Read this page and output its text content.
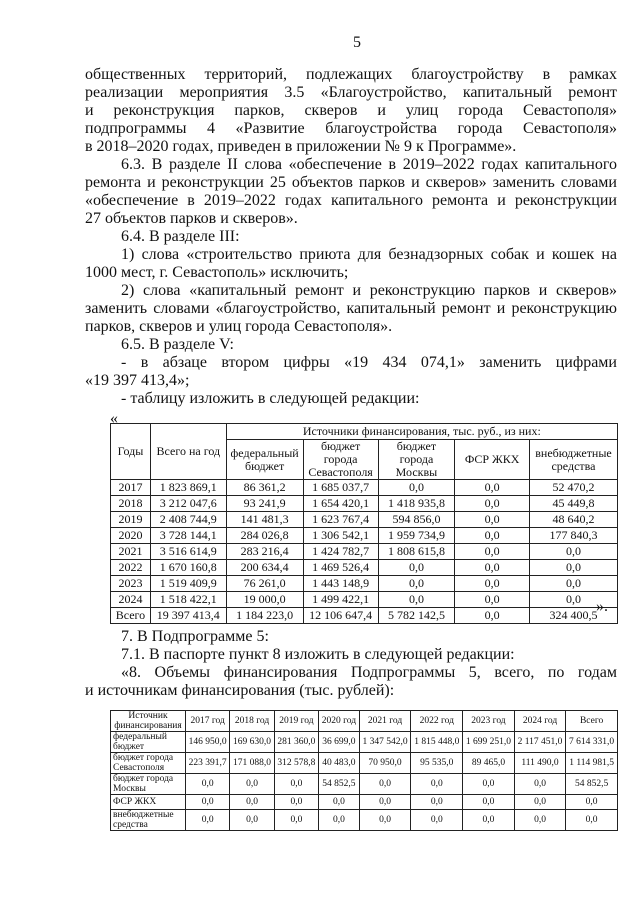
5
общественных территорий, подлежащих благоустройству в рамках
реализации мероприятия 3.5 «Благоустройство, капитальный ремонт
и реконструкция парков, скверов и улиц города Севастополя»
подпрограммы 4 «Развитие благоустройства города Севастополя»
в 2018–2020 годах, приведен в приложении № 9 к Программе».
6.3. В разделе II слова «обеспечение в 2019–2022 годах капитального
ремонта и реконструкции 25 объектов парков и скверов» заменить словами
«обеспечение в 2019–2022 годах капитального ремонта и реконструкции
27 объектов парков и скверов».
6.4. В разделе III:
1) слова «строительство приюта для безнадзорных собак и кошек на
1000 мест, г. Севастополь» исключить;
2) слова «капитальный ремонт и реконструкцию парков и скверов»
заменить словами «благоустройство, капитальный ремонт и реконструкцию
парков, скверов и улиц города Севастополя».
6.5. В разделе V:
- в абзаце втором цифры «19 434 074,1» заменить цифрами
«19 397 413,4»;
- таблицу изложить в следующей редакции:
«
Годы	Всего на год	Источники финансирования, тыс. руб., из них:				
		федеральный бюджет	бюджет города Севастополя	бюджет города Москвы	ФСР ЖКХ	внебюджетные средства
2017	1 823 869,1	86 361,2	1 685 037,7	0,0	0,0	52 470,2
2018	3 212 047,6	93 241,9	1 654 420,1	1 418 935,8	0,0	45 449,8
2019	2 408 744,9	141 481,3	1 623 767,4	594 856,0	0,0	48 640,2
2020	3 728 144,1	284 026,8	1 306 542,1	1 959 734,9	0,0	177 840,3
2021	3 516 614,9	283 216,4	1 424 782,7	1 808 615,8	0,0	0,0
2022	1 670 160,8	200 634,4	1 469 526,4	0,0	0,0	0,0
2023	1 519 409,9	76 261,0	1 443 148,9	0,0	0,0	0,0
2024	1 518 422,1	19 000,0	1 499 422,1	0,0	0,0	0,0
Всего	19 397 413,4	1 184 223,0	12 106 647,4	5 782 142,5	0,0	324 400,5
».
7. В Подпрограмме 5:
7.1. В паспорте пункт 8 изложить в следующей редакции:
«8. Объемы финансирования Подпрограммы 5, всего, по годам
и источникам финансирования (тыс. рублей):
Источник финансирования	2017 год	2018 год	2019 год	2020 год	2021 год	2022 год	2023 год	2024 год	Всего
федеральный бюджет	146 950,0	169 630,0	281 360,0	36 699,0	1 347 542,0	1 815 448,0	1 699 251,0	2 117 451,0	7 614 331,0
бюджет города Севастополя	223 391,7	171 088,0	312 578,8	40 483,0	70 950,0	95 535,0	89 465,0	111 490,0	1 114 981,5
бюджет города Москвы	0,0	0,0	0,0	54 852,5	0,0	0,0	0,0	0,0	54 852,5
ФСР ЖКХ	0,0	0,0	0,0	0,0	0,0	0,0	0,0	0,0	0,0
внебюджетные средства	0,0	0,0	0,0	0,0	0,0	0,0	0,0	0,0	0,0
